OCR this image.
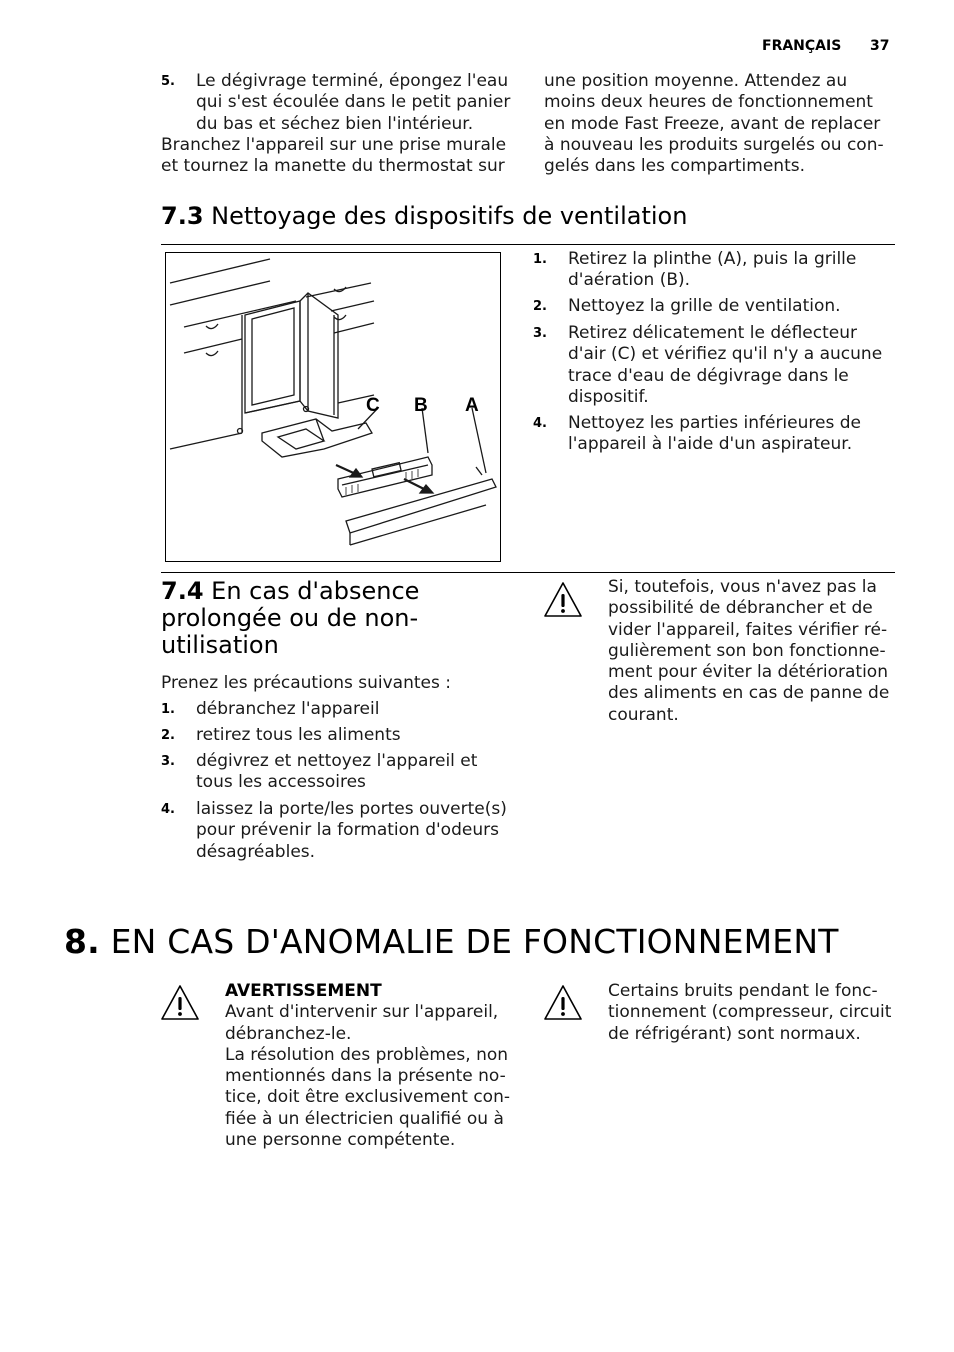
FRANÇAIS 37
5. Le dégivrage terminé, épongez l'eau
qui s'est écoulée dans le petit panier
du bas et séchez bien l'intérieur.
Branchez l'appareil sur une prise murale
et tournez la manette du thermostat sur
une position moyenne. Attendez au
moins deux heures de fonctionnement
en mode Fast Freeze, avant de replacer
à nouveau les produits surgelés ou con-
gelés dans les compartiments.
7.3 Nettoyage des dispositifs de ventilation
C B A
1. Retirez la plinthe (A), puis la grille
d'aération (B).
2. Nettoyez la grille de ventilation.
3. Retirez délicatement le déflecteur
d'air (C) et vérifiez qu'il n'y a aucune
trace d'eau de dégivrage dans le
dispositif.
4. Nettoyez les parties inférieures de
l'appareil à l'aide d'un aspirateur.
7.4 En cas d'absence
prolongée ou de non-
utilisation
Prenez les précautions suivantes :
1. débranchez l'appareil
2. retirez tous les aliments
3. dégivrez et nettoyez l'appareil et
tous les accessoires
4. laissez la porte/les portes ouverte(s)
pour prévenir la formation d'odeurs
désagréables.
Si, toutefois, vous n'avez pas la
possibilité de débrancher et de
vider l'appareil, faites vérifier ré-
gulièrement son bon fonctionne-
ment pour éviter la détérioration
des aliments en cas de panne de
courant.
8. EN CAS D'ANOMALIE DE FONCTIONNEMENT
AVERTISSEMENT
Avant d'intervenir sur l'appareil,
débranchez-le.
La résolution des problèmes, non
mentionnés dans la présente no-
tice, doit être exclusivement con-
fiée à un électricien qualifié ou à
une personne compétente.
Certains bruits pendant le fonc-
tionnement (compresseur, circuit
de réfrigérant) sont normaux.
